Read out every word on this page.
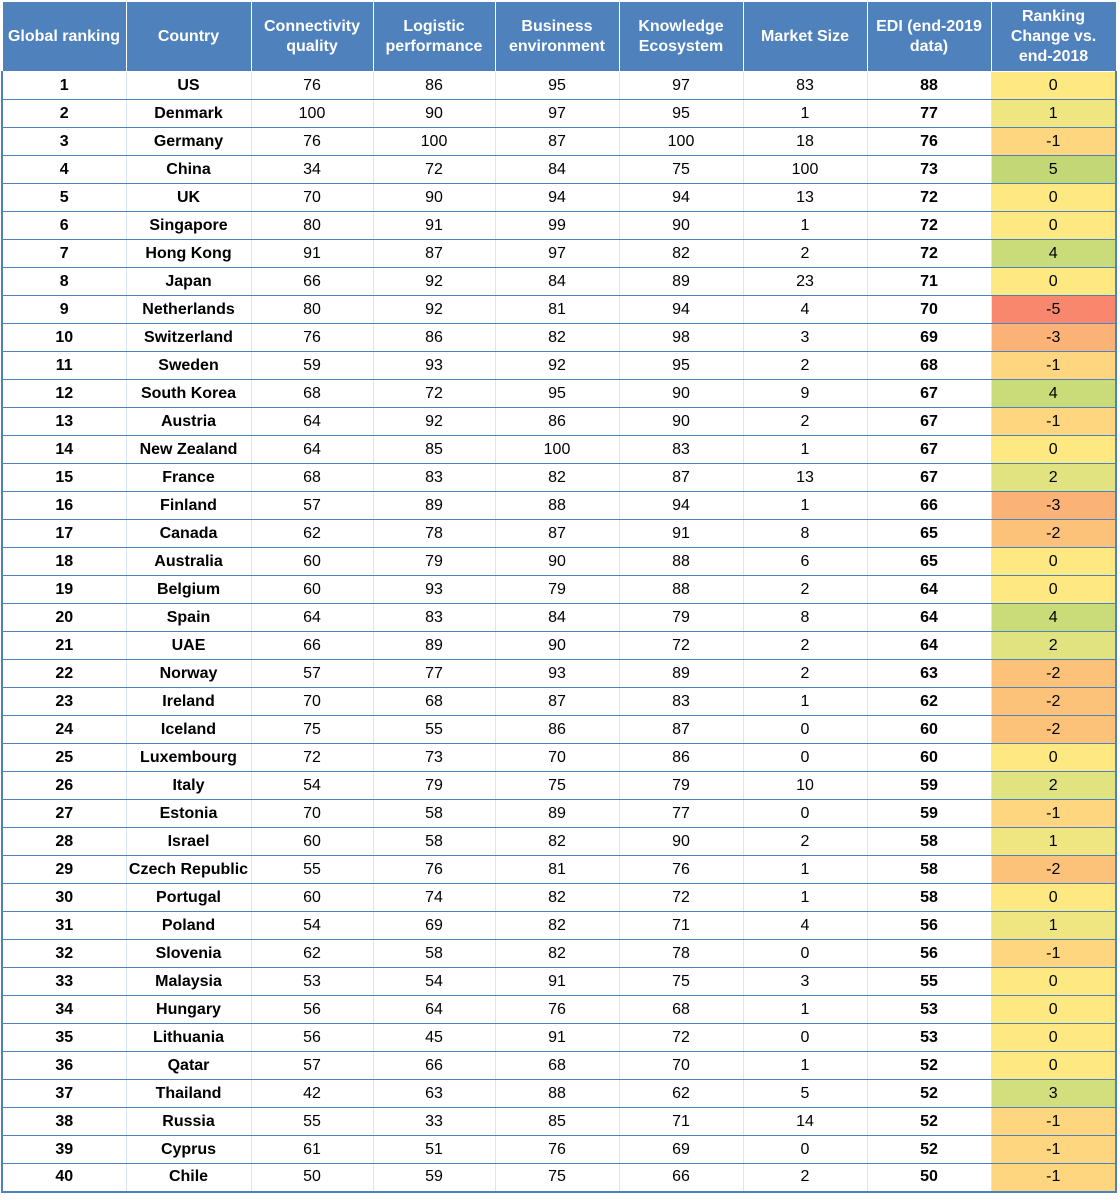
Global ranking	Country	Connectivity quality	Logistic performance	Business environment	Knowledge Ecosystem	Market Size	EDI (end-2019 data)	Ranking Change vs. end-2018
1	US	76	86	95	97	83	88	0
2	Denmark	100	90	97	95	1	77	1
3	Germany	76	100	87	100	18	76	-1
4	China	34	72	84	75	100	73	5
5	UK	70	90	94	94	13	72	0
6	Singapore	80	91	99	90	1	72	0
7	Hong Kong	91	87	97	82	2	72	4
8	Japan	66	92	84	89	23	71	0
9	Netherlands	80	92	81	94	4	70	-5
10	Switzerland	76	86	82	98	3	69	-3
11	Sweden	59	93	92	95	2	68	-1
12	South Korea	68	72	95	90	9	67	4
13	Austria	64	92	86	90	2	67	-1
14	New Zealand	64	85	100	83	1	67	0
15	France	68	83	82	87	13	67	2
16	Finland	57	89	88	94	1	66	-3
17	Canada	62	78	87	91	8	65	-2
18	Australia	60	79	90	88	6	65	0
19	Belgium	60	93	79	88	2	64	0
20	Spain	64	83	84	79	8	64	4
21	UAE	66	89	90	72	2	64	2
22	Norway	57	77	93	89	2	63	-2
23	Ireland	70	68	87	83	1	62	-2
24	Iceland	75	55	86	87	0	60	-2
25	Luxembourg	72	73	70	86	0	60	0
26	Italy	54	79	75	79	10	59	2
27	Estonia	70	58	89	77	0	59	-1
28	Israel	60	58	82	90	2	58	1
29	Czech Republic	55	76	81	76	1	58	-2
30	Portugal	60	74	82	72	1	58	0
31	Poland	54	69	82	71	4	56	1
32	Slovenia	62	58	82	78	0	56	-1
33	Malaysia	53	54	91	75	3	55	0
34	Hungary	56	64	76	68	1	53	0
35	Lithuania	56	45	91	72	0	53	0
36	Qatar	57	66	68	70	1	52	0
37	Thailand	42	63	88	62	5	52	3
38	Russia	55	33	85	71	14	52	-1
39	Cyprus	61	51	76	69	0	52	-1
40	Chile	50	59	75	66	2	50	-1
